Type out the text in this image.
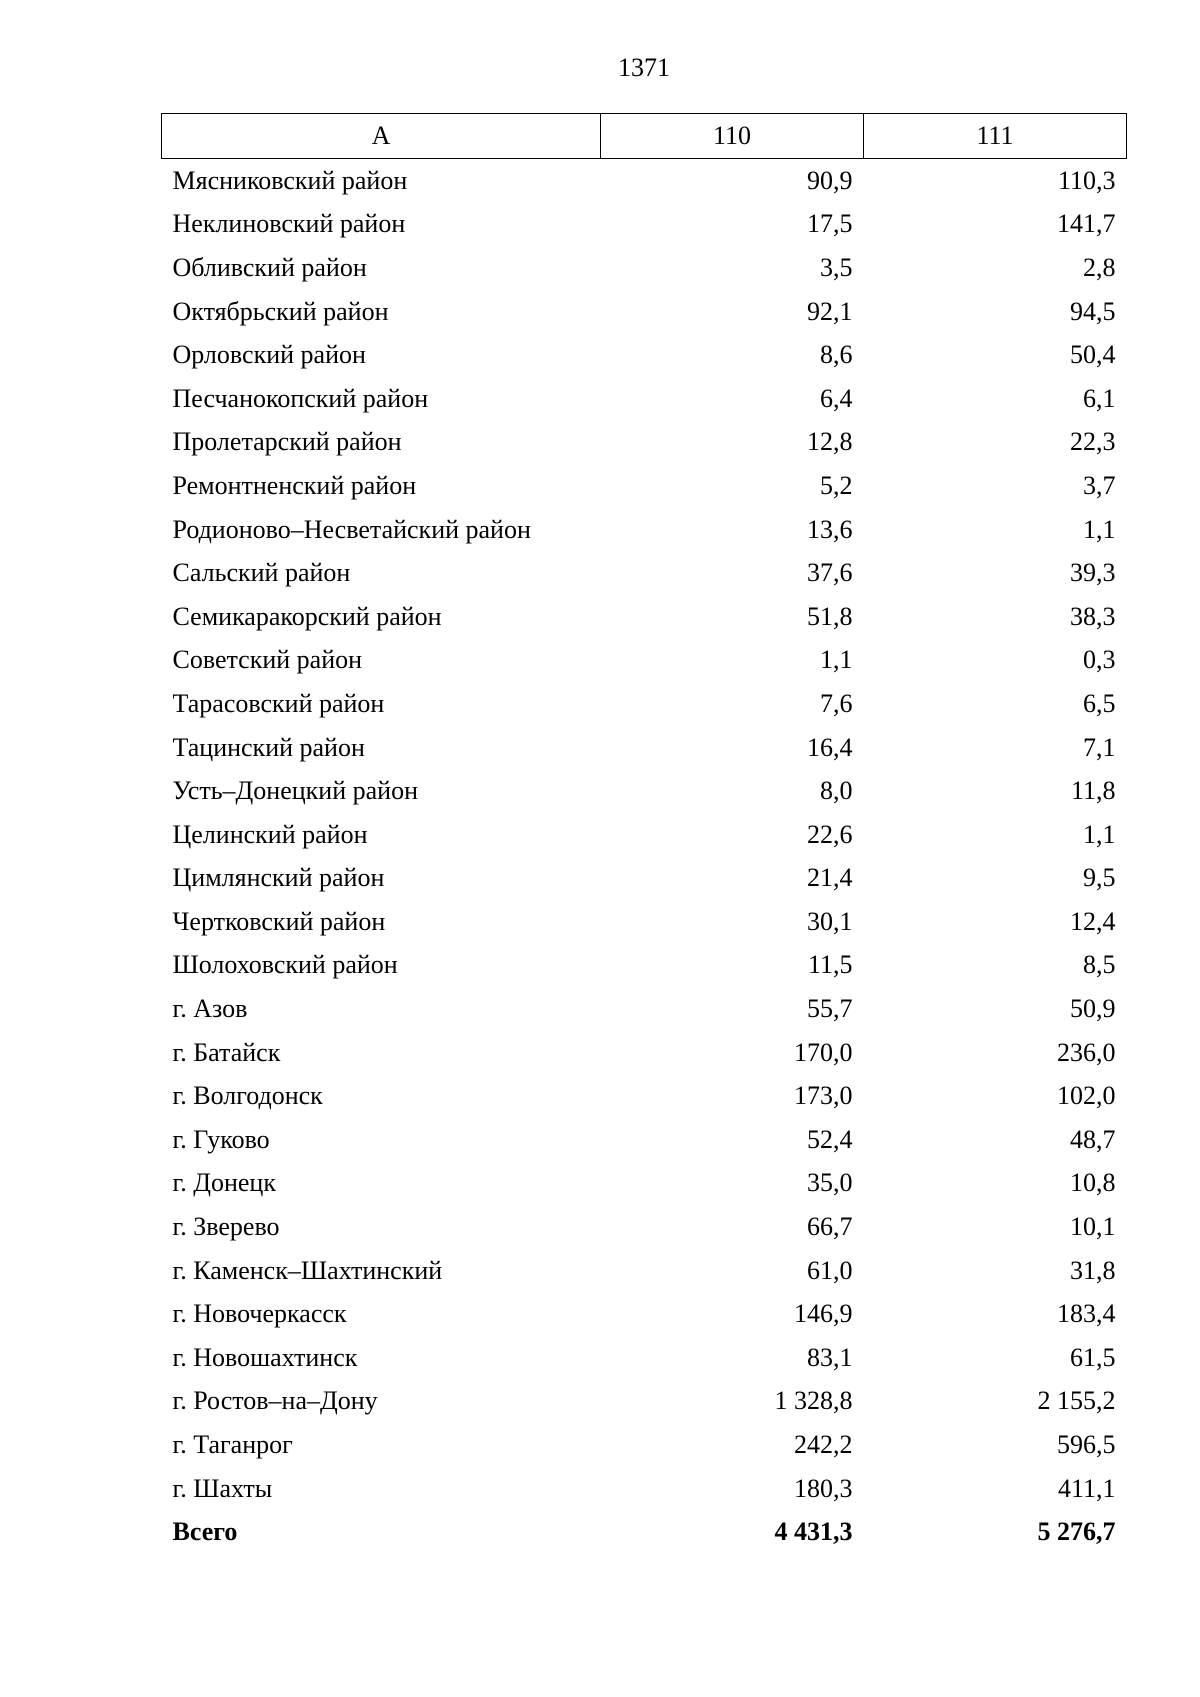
1371
А	110	111
Мясниковский район	90,9	110,3
Неклиновский район	17,5	141,7
Обливский район	3,5	2,8
Октябрьский район	92,1	94,5
Орловский район	8,6	50,4
Песчанокопский район	6,4	6,1
Пролетарский район	12,8	22,3
Ремонтненский район	5,2	3,7
Родионово–Несветайский район	13,6	1,1
Сальский район	37,6	39,3
Семикаракорский район	51,8	38,3
Советский район	1,1	0,3
Тарасовский район	7,6	6,5
Тацинский район	16,4	7,1
Усть–Донецкий район	8,0	11,8
Целинский район	22,6	1,1
Цимлянский район	21,4	9,5
Чертковский район	30,1	12,4
Шолоховский район	11,5	8,5
г. Азов	55,7	50,9
г. Батайск	170,0	236,0
г. Волгодонск	173,0	102,0
г. Гуково	52,4	48,7
г. Донецк	35,0	10,8
г. Зверево	66,7	10,1
г. Каменск–Шахтинский	61,0	31,8
г. Новочеркасск	146,9	183,4
г. Новошахтинск	83,1	61,5
г. Ростов–на–Дону	1 328,8	2 155,2
г. Таганрог	242,2	596,5
г. Шахты	180,3	411,1
Всего	4 431,3	5 276,7
